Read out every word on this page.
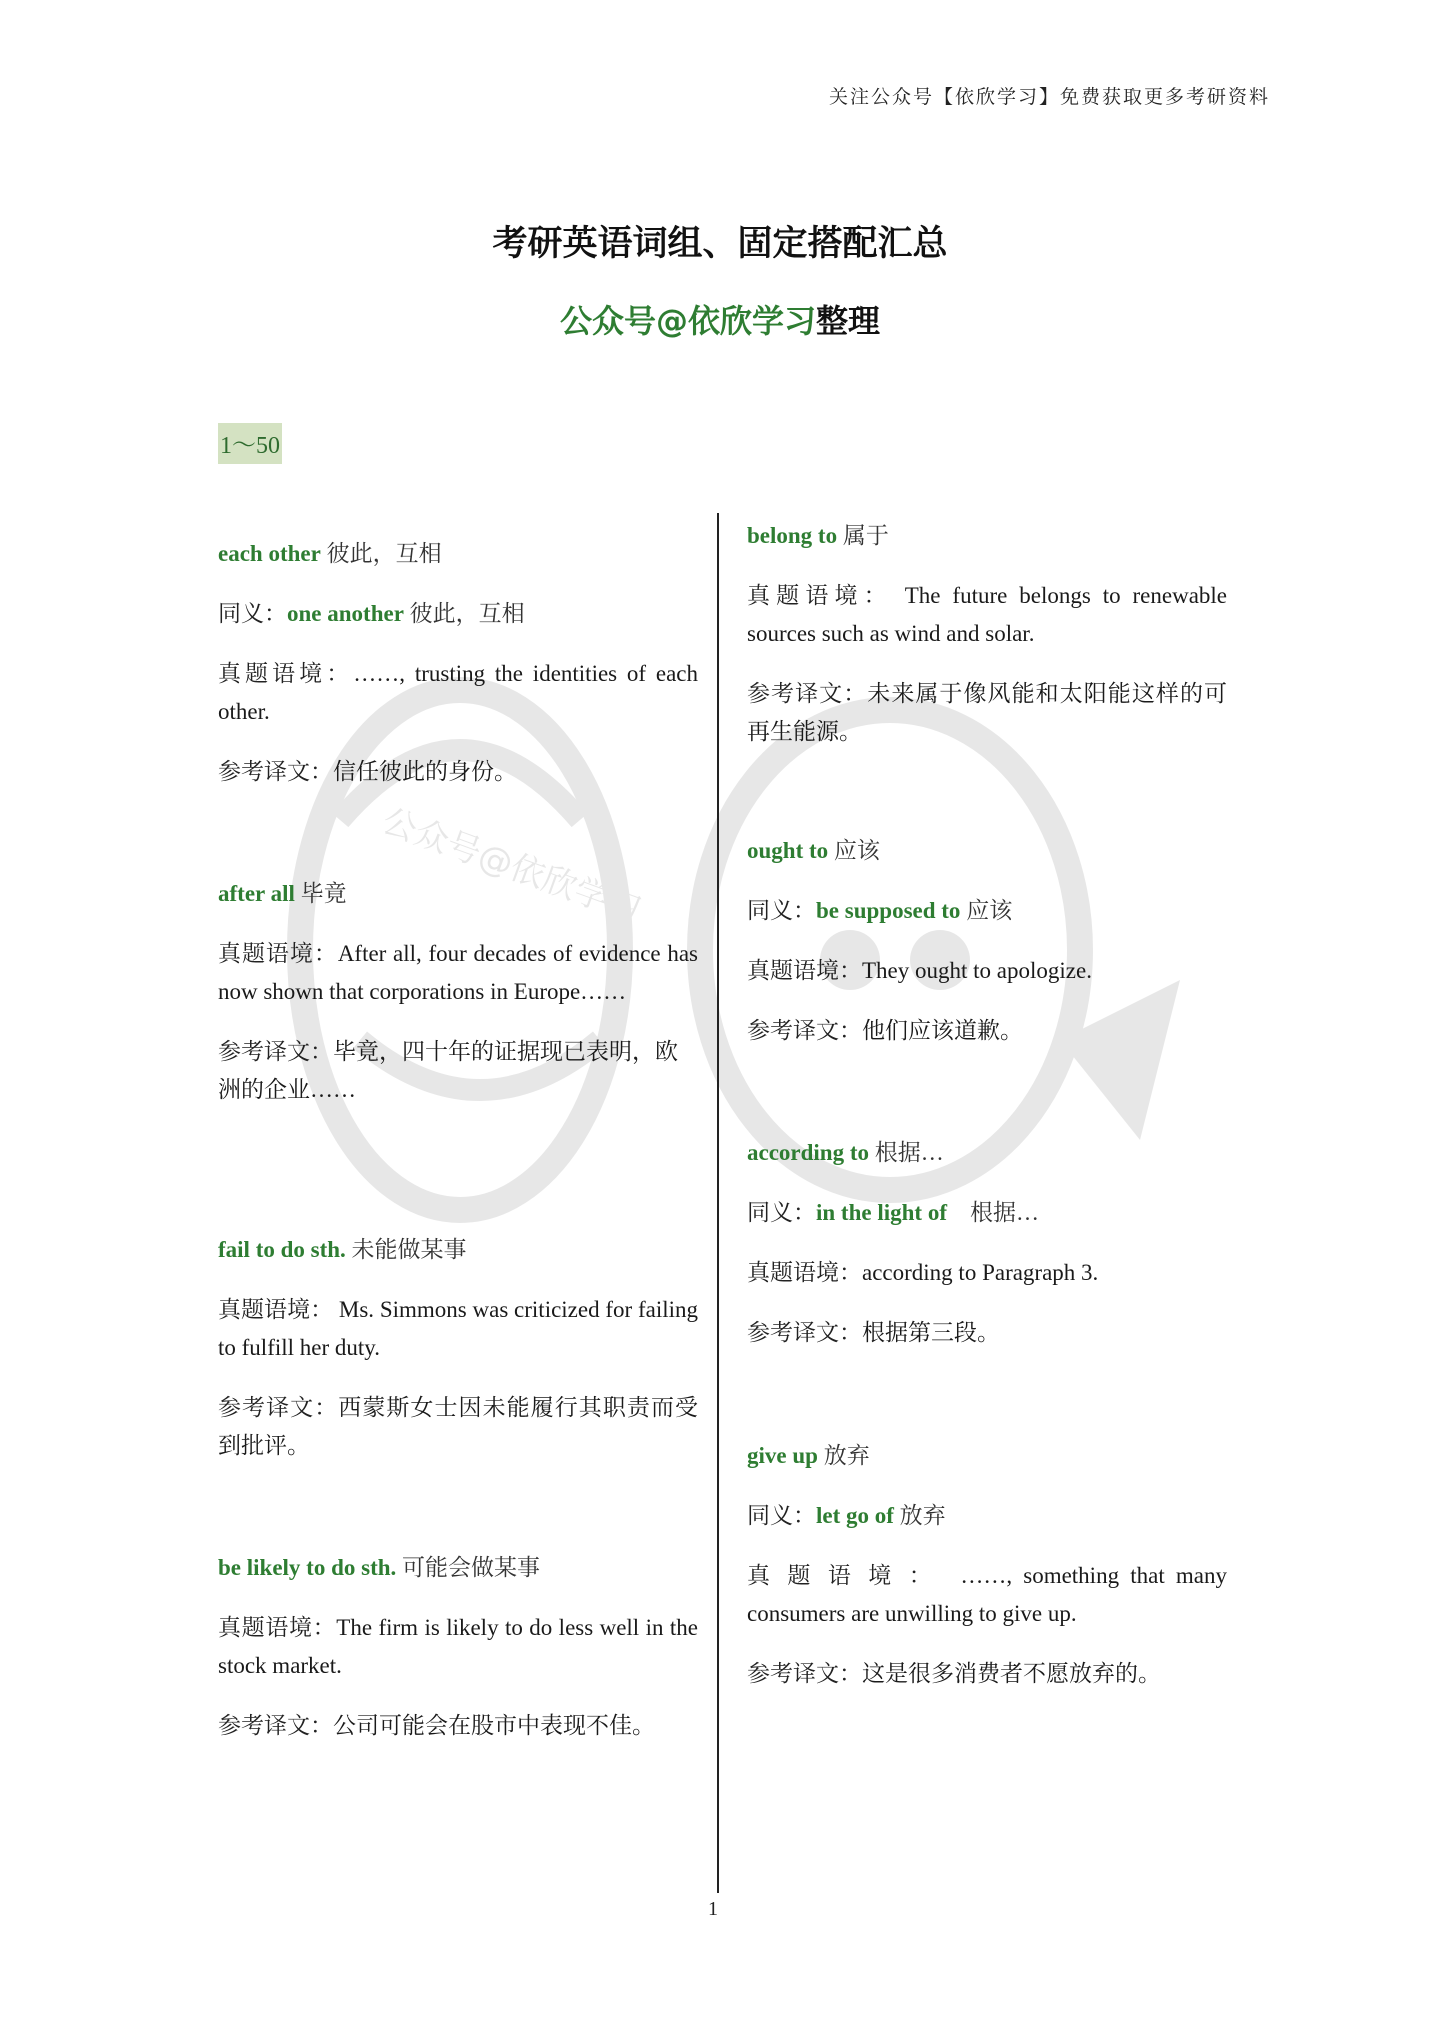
关注公众号【依欣学习】免费获取更多考研资料
考研英语词组、固定搭配汇总
公众号@依欣学习整理
1～50
公众号@依欣学习

each other 彼此，互相

同义：one another 彼此，互相

真题语境：……, trusting the identities of each other.

参考译文：信任彼此的身份。

after all 毕竟

真题语境：After all, four decades of evidence has now shown that corporations in Europe……

参考译文：毕竟，四十年的证据现已表明，欧洲的企业……

fail to do sth. 未能做某事

真题语境： Ms. Simmons was criticized for failing to fulfill her duty.

参考译文：西蒙斯女士因未能履行其职责而受到批评。

be likely to do sth. 可能会做某事

真题语境：The firm is likely to do less well in the stock market.

参考译文：公司可能会在股市中表现不佳。

belong to 属于

真题语境： The future belongs to renewable sources such as wind and solar.

参考译文：未来属于像风能和太阳能这样的可再生能源。

ought to 应该

同义：be supposed to 应该

真题语境：They ought to apologize.

参考译文：他们应该道歉。

according to 根据…

同义：in the light of    根据…

真题语境：according to Paragraph 3.

参考译文：根据第三段。

give up 放弃

同义：let go of 放弃

真题语境： ……, something that many consumers are unwilling to give up.

参考译文：这是很多消费者不愿放弃的。

1
